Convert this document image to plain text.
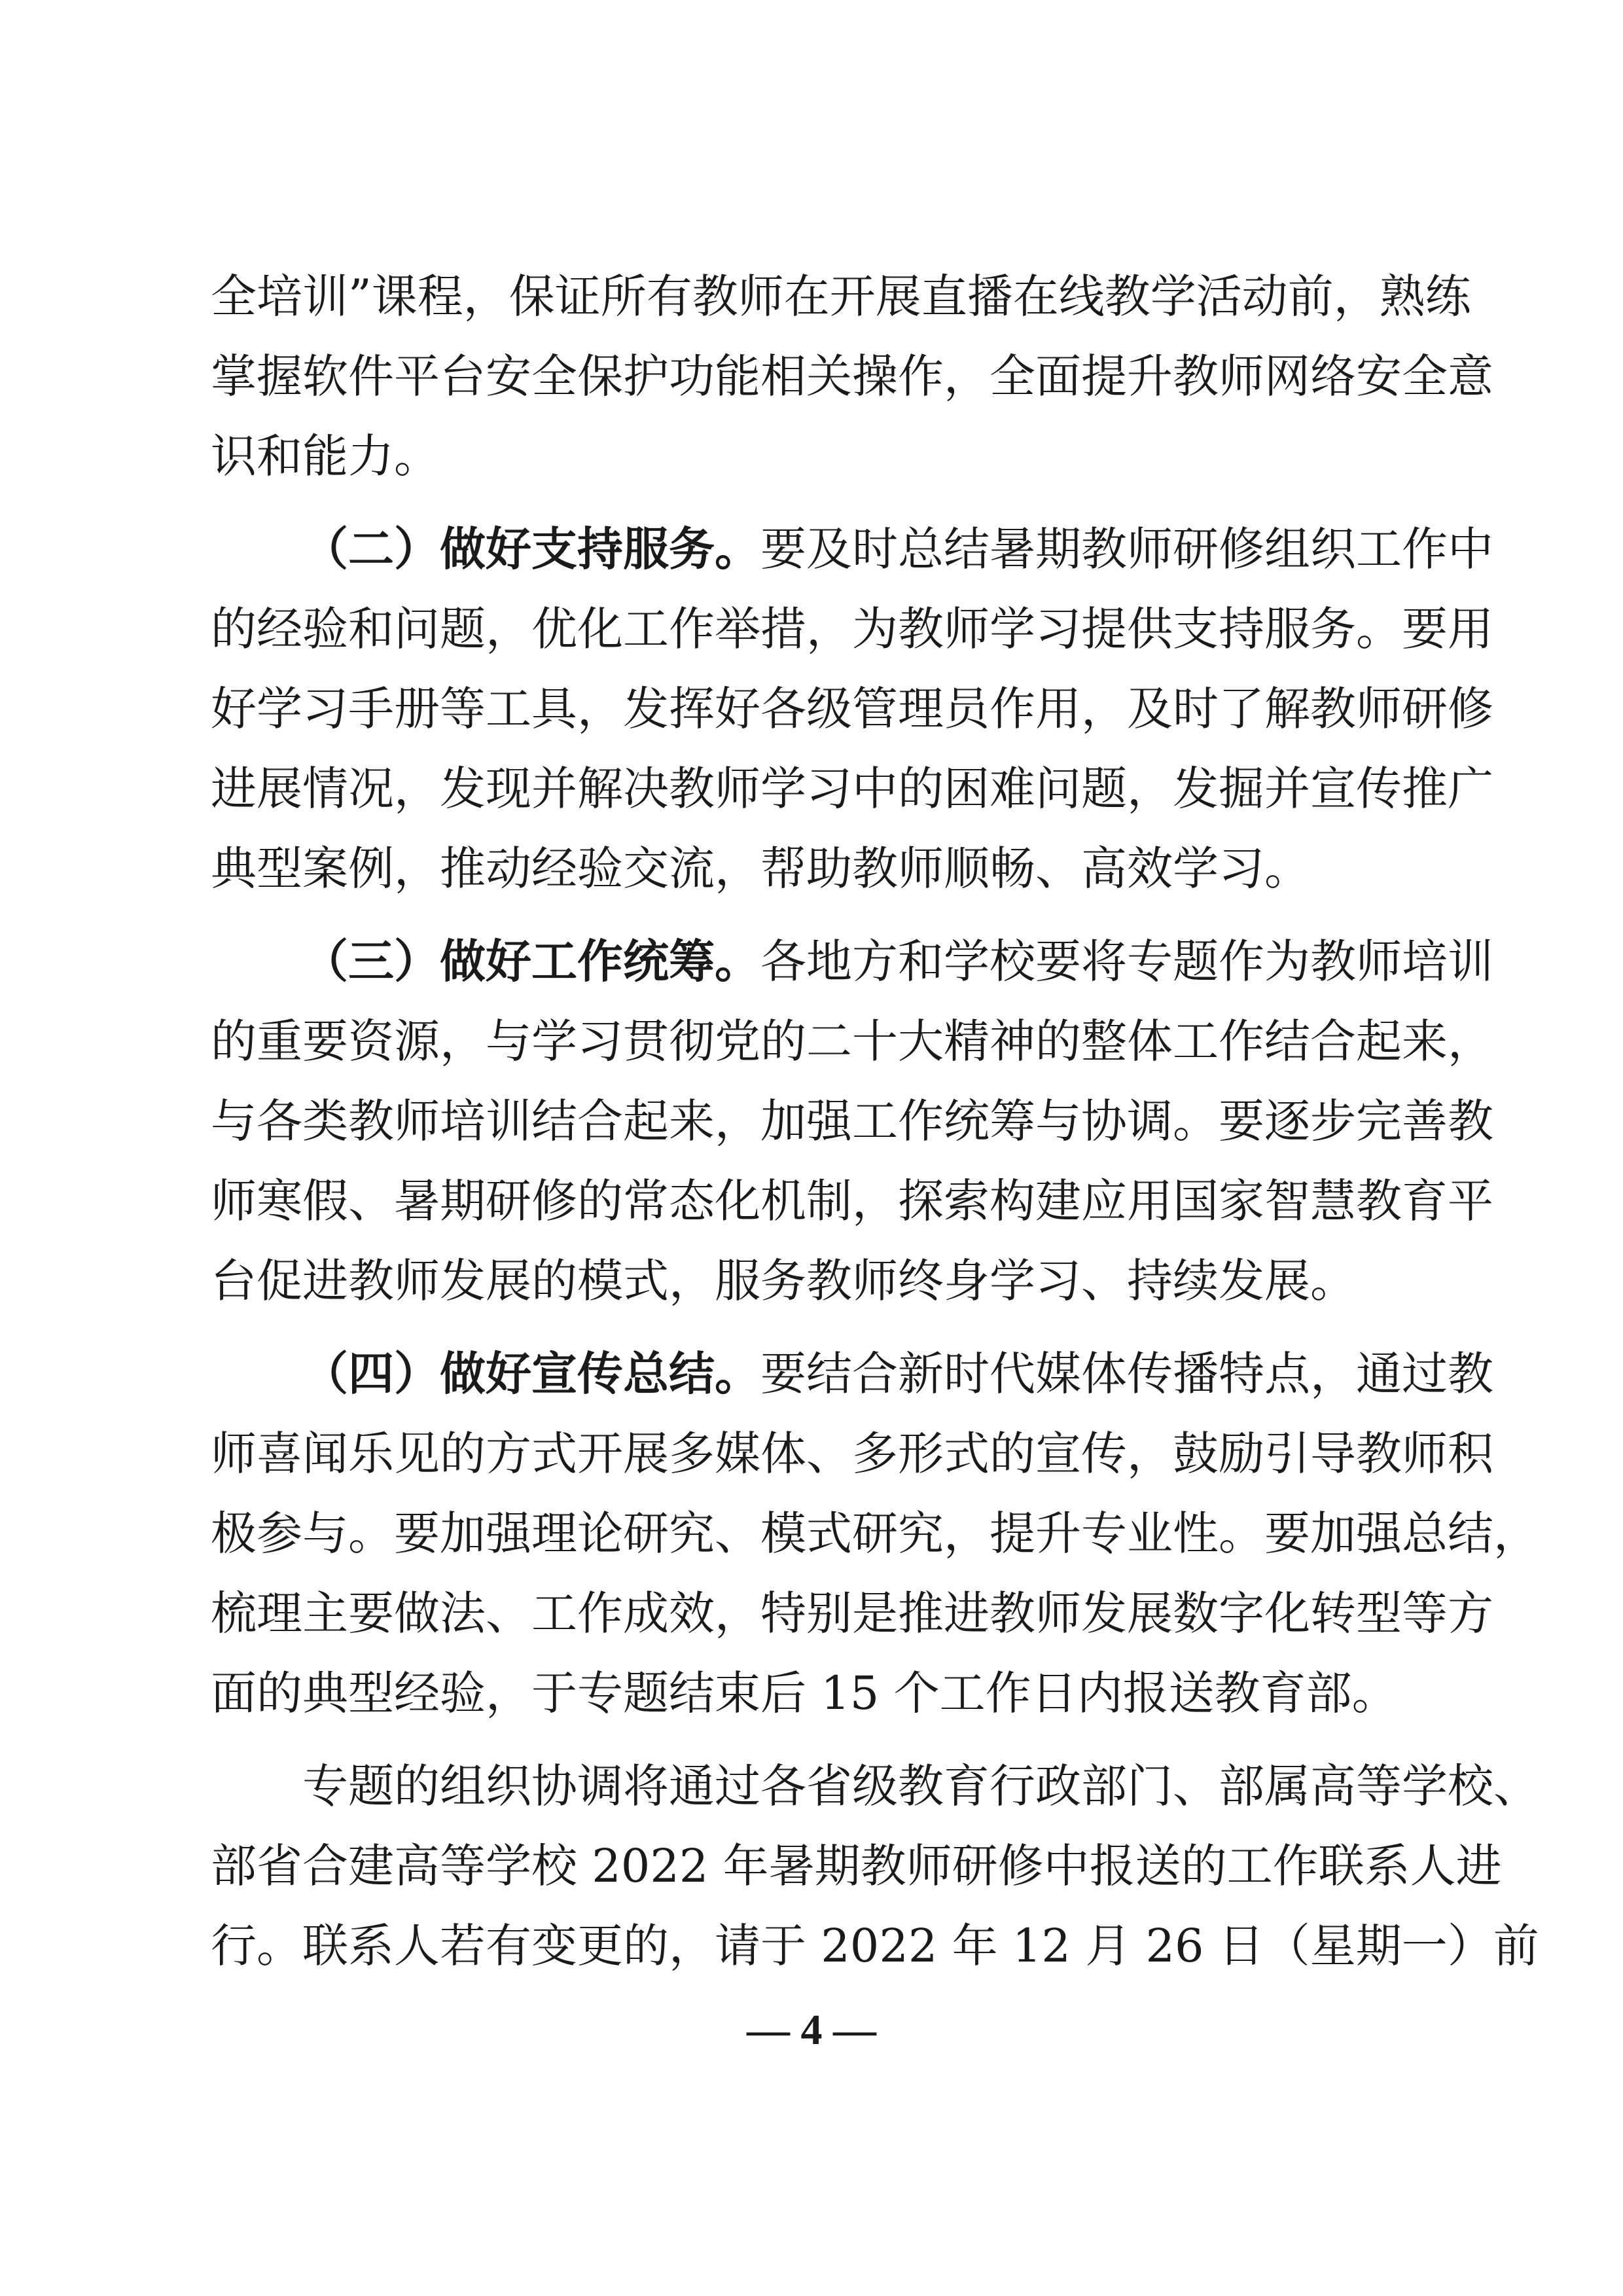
全培训”课程，保证所有教师在开展直播在线教学活动前，熟练
掌握软件平台安全保护功能相关操作，全面提升教师网络安全意
识和能力。
（二）做好支持服务。要及时总结暑期教师研修组织工作中
的经验和问题，优化工作举措，为教师学习提供支持服务。要用
好学习手册等工具，发挥好各级管理员作用，及时了解教师研修
进展情况，发现并解决教师学习中的困难问题，发掘并宣传推广
典型案例，推动经验交流，帮助教师顺畅、高效学习。
（三）做好工作统筹。各地方和学校要将专题作为教师培训
的重要资源，与学习贯彻党的二十大精神的整体工作结合起来，
与各类教师培训结合起来，加强工作统筹与协调。要逐步完善教
师寒假、暑期研修的常态化机制，探索构建应用国家智慧教育平
台促进教师发展的模式，服务教师终身学习、持续发展。
（四）做好宣传总结。要结合新时代媒体传播特点，通过教
师喜闻乐见的方式开展多媒体、多形式的宣传，鼓励引导教师积
极参与。要加强理论研究、模式研究，提升专业性。要加强总结，
梳理主要做法、工作成效，特别是推进教师发展数字化转型等方
面的典型经验，于专题结束后 15 个工作日内报送教育部。
专题的组织协调将通过各省级教育行政部门、部属高等学校、
部省合建高等学校 2022 年暑期教师研修中报送的工作联系人进
行。联系人若有变更的，请于 2022 年 12 月 26 日（星期一）前
— 4 —
